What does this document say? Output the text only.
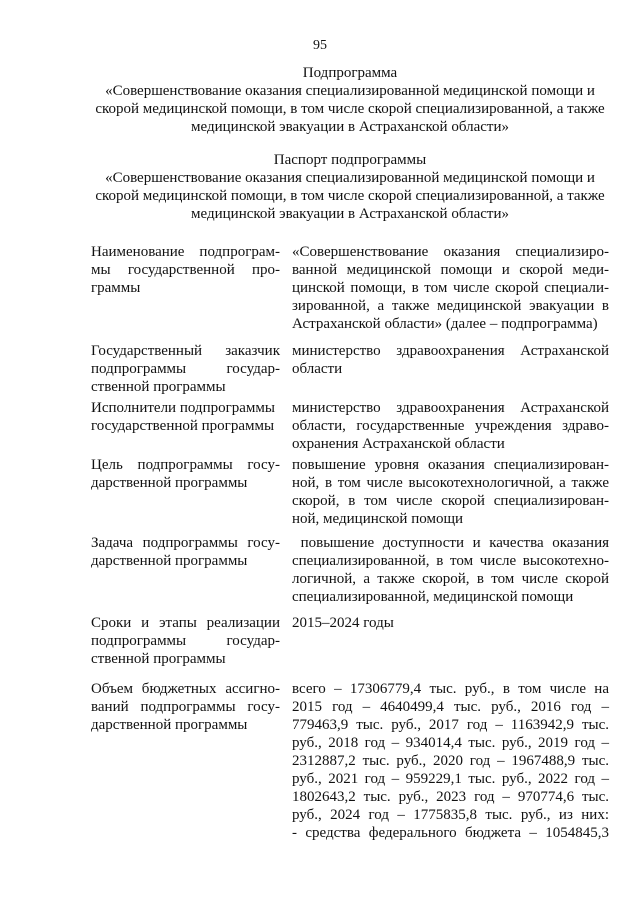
95
Подпрограмма
«Совершенствование оказания специализированной медицинской помощи и
скорой медицинской помощи, в том числе скорой специализированной, а также
медицинской эвакуации в Астраханской области»
Паспорт подпрограммы
«Совершенствование оказания специализированной медицинской помощи и
скорой медицинской помощи, в том числе скорой специализированной, а также
медицинской эвакуации в Астраханской области»
Наименование подпрограм-
мы государственной про-
граммы
«Совершенствование оказания специализиро-
ванной медицинской помощи и скорой меди-
цинской помощи, в том числе скорой специали-
зированной, а также медицинской эвакуации в
Астраханской области» (далее – подпрограмма)
Государственный заказчик
подпрограммы государ-
ственной программы
министерство здравоохранения Астраханской
области
Исполнители подпрограммы
государственной программы
министерство здравоохранения Астраханской
области, государственные учреждения здраво-
охранения Астраханской области
Цель подпрограммы госу-
дарственной программы
повышение уровня оказания специализирован-
ной, в том числе высокотехнологичной, а также
скорой, в том числе скорой специализирован-
ной, медицинской помощи
Задача подпрограммы госу-
дарственной программы
повышение доступности и качества оказания
специализированной, в том числе высокотехно-
логичной, а также скорой, в том числе скорой
специализированной, медицинской помощи
Сроки и этапы реализации
подпрограммы государ-
ственной программы
2015–2024 годы
Объем бюджетных ассигно-
ваний подпрограммы госу-
дарственной программы
всего – 17306779,4 тыс. руб., в том числе на
2015 год – 4640499,4 тыс. руб., 2016 год –
779463,9 тыс. руб., 2017 год – 1163942,9 тыс.
руб., 2018 год – 934014,4 тыс. руб., 2019 год –
2312887,2 тыс. руб., 2020 год – 1967488,9 тыс.
руб., 2021 год – 959229,1 тыс. руб., 2022 год –
1802643,2 тыс. руб., 2023 год – 970774,6 тыс.
руб., 2024 год – 1775835,8 тыс. руб., из них:
- средства федерального бюджета – 1054845,3
